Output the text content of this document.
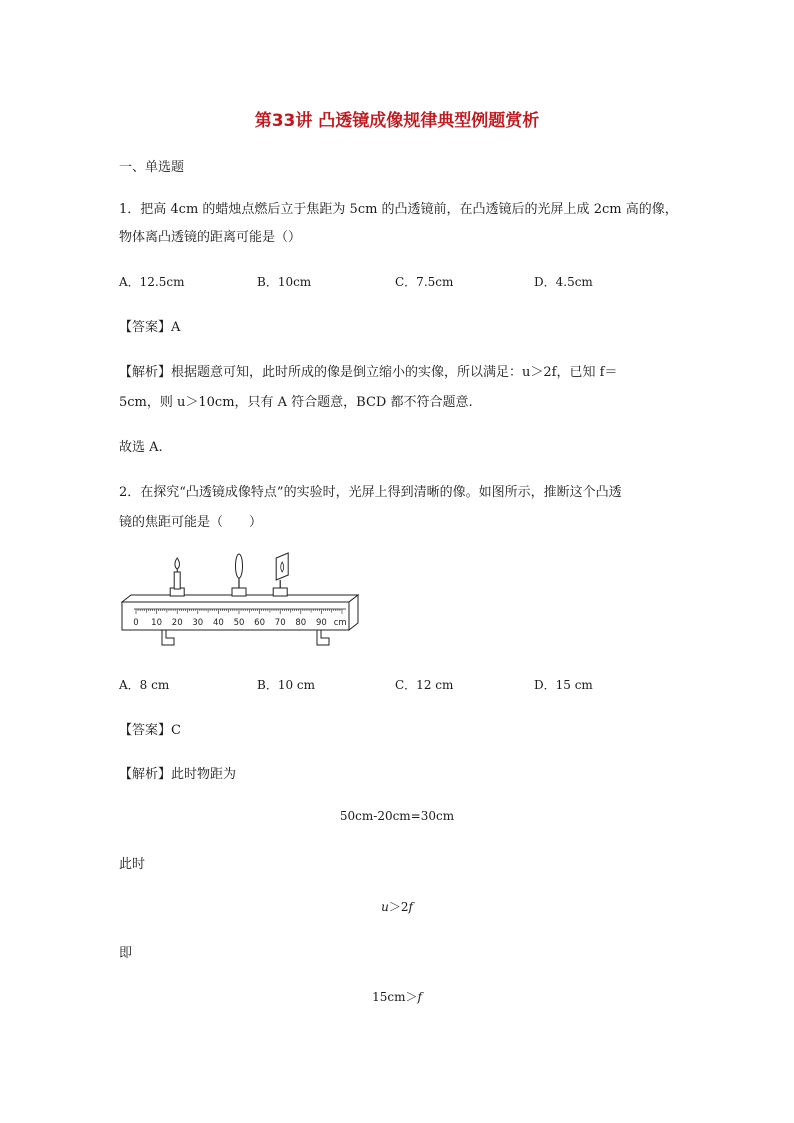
第33讲 凸透镜成像规律典型例题赏析
一、单选题
1．把高 4cm 的蜡烛点燃后立于焦距为 5cm 的凸透镜前，在凸透镜后的光屏上成 2cm 高的像，
物体离凸透镜的距离可能是（）
A．12.5cm	B．10cm	C．7.5cm	D．4.5cm
【答案】A
【解析】根据题意可知，此时所成的像是倒立缩小的实像，所以满足：u＞2f，已知 f＝
5cm，则 u＞10cm，只有 A 符合题意，BCD 都不符合题意.
故选 A.
2．在探究“凸透镜成像特点”的实验时，光屏上得到清晰的像。如图所示，推断这个凸透
镜的焦距可能是（　　）
0 10 20 30 40 50 60 70 80 90 cm
A．8 cm	B．10 cm	C．12 cm	D．15 cm
【答案】C
【解析】此时物距为
50cm-20cm=30cm
此时
u＞2f
即
15cm＞f
